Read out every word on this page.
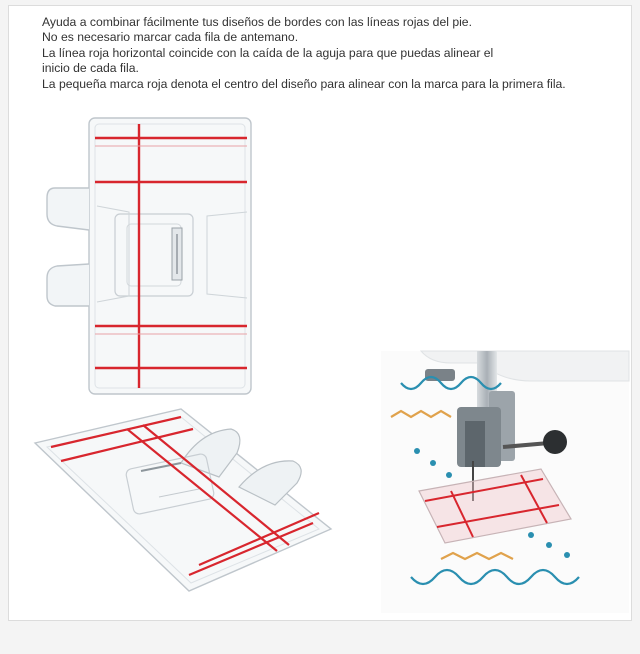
Ayuda a combinar fácilmente tus diseños de bordes con las líneas rojas del pie.

No es necesario marcar cada fila de antemano.

La línea roja horizontal coincide con la caída de la aguja para que puedas alinear el

inicio de cada fila.

La pequeña marca roja denota el centro del diseño para alinear con la marca para la primera fila.
